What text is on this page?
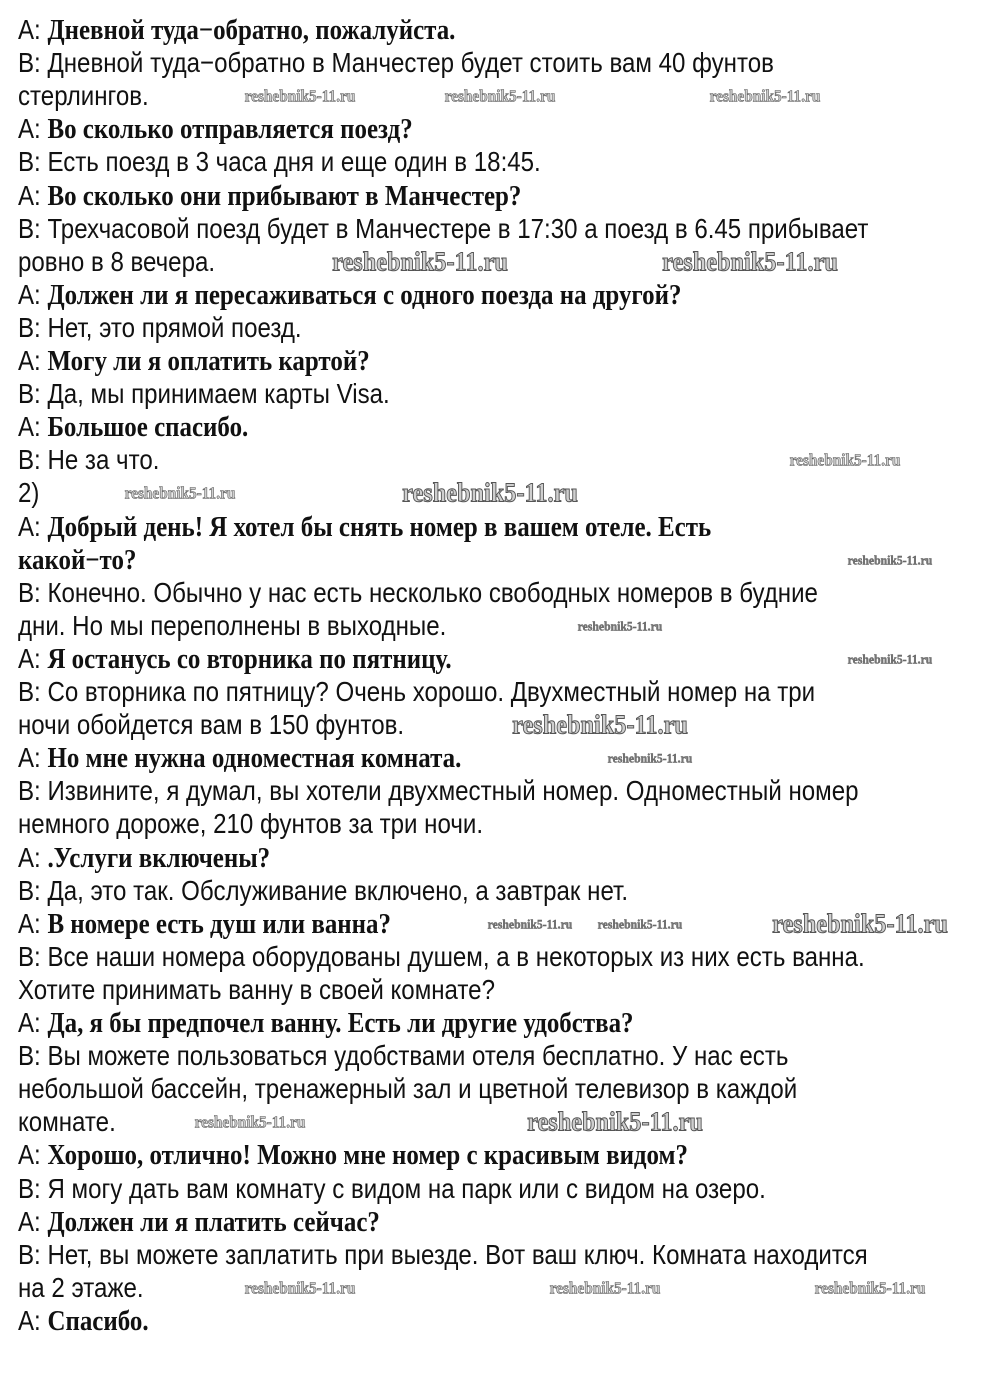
A: Дневной туда−обратно, пожалуйста.
B: Дневной туда−обратно в Манчестер будет стоить вам 40 фунтов
стерлингов.
A: Во сколько отправляется поезд?
B: Есть поезд в 3 часа дня и еще один в 18:45.
A: Во сколько они прибывают в Манчестер?
B: Трехчасовой поезд будет в Манчестере в 17:30 а поезд в 6.45 прибывает
ровно в 8 вечера.
A: Должен ли я пересаживаться с одного поезда на другой?
B: Нет, это прямой поезд.
A: Могу ли я оплатить картой?
B: Да, мы принимаем карты Visa.
A: Большое спасибо.
B: Не за что.
2)
A: Добрый день! Я хотел бы снять номер в вашем отеле. Есть
какой−то?
B: Конечно. Обычно у нас есть несколько свободных номеров в будние
дни. Но мы переполнены в выходные.
A: Я останусь со вторника по пятницу.
B: Со вторника по пятницу? Очень хорошо. Двухместный номер на три
ночи обойдется вам в 150 фунтов.
A: Но мне нужна одноместная комната.
B: Извините, я думал, вы хотели двухместный номер. Одноместный номер
немного дороже, 210 фунтов за три ночи.
A: .Услуги включены?
B: Да, это так. Обслуживание включено, а завтрак нет.
A: В номере есть душ или ванна?
B: Все наши номера оборудованы душем, а в некоторых из них есть ванна.
Хотите принимать ванну в своей комнате?
A: Да, я бы предпочел ванну. Есть ли другие удобства?
B: Вы можете пользоваться удобствами отеля бесплатно. У нас есть
небольшой бассейн, тренажерный зал и цветной телевизор в каждой
комнате.
A: Хорошо, отлично! Можно мне номер с красивым видом?
B: Я могу дать вам комнату с видом на парк или с видом на озеро.
A: Должен ли я платить сейчас?
B: Нет, вы можете заплатить при выезде. Вот ваш ключ. Комната находится
на 2 этаже.
A: Спасибо.
reshebnik5-11.ru	reshebnik5-11.ru	reshebnik5-11.ru
reshebnik5-11.ru	reshebnik5-11.ru
reshebnik5-11.ru
reshebnik5-11.ru	reshebnik5-11.ru
reshebnik5-11.ru
reshebnik5-11.ru
reshebnik5-11.ru
reshebnik5-11.ru
reshebnik5-11.ru
reshebnik5-11.ru reshebnik5-11.ru	reshebnik5-11.ru
reshebnik5-11.ru	reshebnik5-11.ru
reshebnik5-11.ru	reshebnik5-11.ru	reshebnik5-11.ru
